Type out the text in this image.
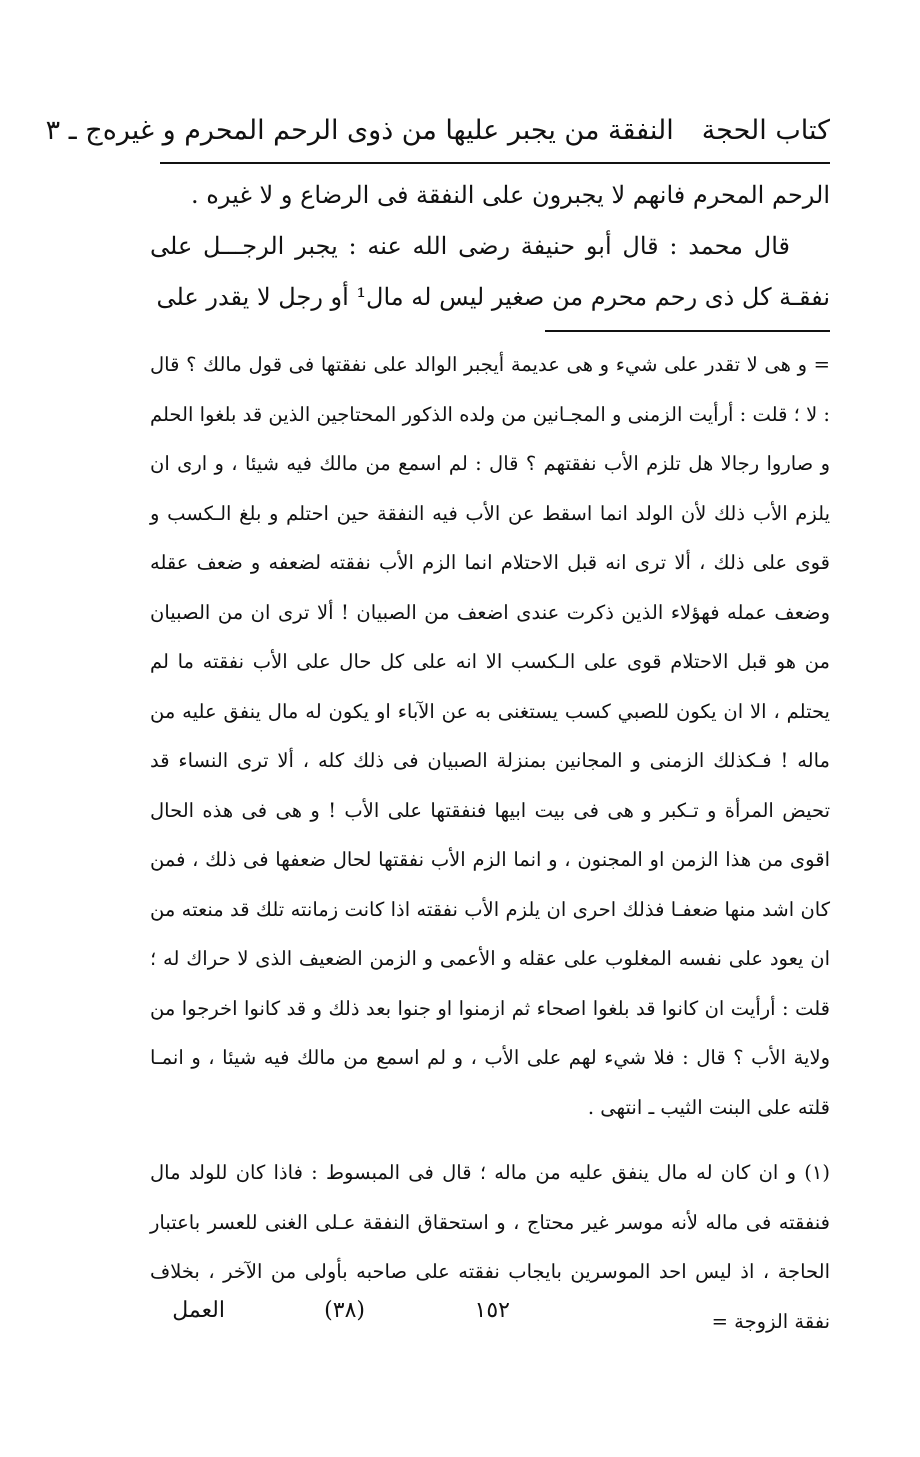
كتاب الحجة
النفقة من يجبر عليها من ذوى الرحم المحرم و غيره
ج ـ ٣

الرحم المحرم فانهم لا يجبرون على النفقة فى الرضاع و لا غيره .

قال محمد : قال أبو حنيفة رضى الله عنه : يجبر الرجـــل على نفقـة كل ذى رحم محرم من صغير ليس له مال¹ أو رجل لا يقدر على

= و هى لا تقدر على شيء و هى عديمة أيجبر الوالد على نفقتها فى قول مالك ؟ قال : لا ؛ قلت : أرأيت الزمنى و المجـانين من ولده الذكور المحتاجين الذين قد بلغوا الحلم و صاروا رجالا هل تلزم الأب نفقتهم ؟ قال : لم اسمع من مالك فيه شيئا ، و ارى ان يلزم الأب ذلك لأن الولد انما اسقط عن الأب فيه النفقة حين احتلم و بلغ الـكسب و قوى على ذلك ، ألا ترى انه قبل الاحتلام انما الزم الأب نفقته لضعفه و ضعف عقله وضعف عمله فهؤلاء الذين ذكرت عندى اضعف من الصبيان ! ألا ترى ان من الصبيان من هو قبل الاحتلام قوى على الـكسب الا انه على كل حال على الأب نفقته ما لم يحتلم ، الا ان يكون للصبي كسب يستغنى به عن الآباء او يكون له مال ينفق عليه من ماله ! فـكذلك الزمنى و المجانين بمنزلة الصبيان فى ذلك كله ، ألا ترى النساء قد تحيض المرأة و تـكبر و هى فى بيت ابيها فنفقتها على الأب ! و هى فى هذه الحال اقوى من هذا الزمن او المجنون ، و انما الزم الأب نفقتها لحال ضعفها فى ذلك ، فمن كان اشد منها ضعفـا فذلك احرى ان يلزم الأب نفقته اذا كانت زمانته تلك قد منعته من ان يعود على نفسه المغلوب على عقله و الأعمى و الزمن الضعيف الذى لا حراك له ؛ قلت : أرأيت ان كانوا قد بلغوا اصحاء ثم ازمنوا او جنوا بعد ذلك و قد كانوا اخرجوا من ولاية الأب ؟ قال : فلا شيء لهم على الأب ، و لم اسمع من مالك فيه شيئا ، و انمـا قلته على البنت الثيب ـ انتهى .

(١) و ان كان له مال ينفق عليه من ماله ؛ قال فى المبسوط : فاذا كان للولد مال فنفقته فى ماله لأنه موسر غير محتاج ، و استحقاق النفقة عـلى الغنى للعسر باعتبار الحاجة ، اذ ليس احد الموسرين بايجاب نفقته على صاحبه بأولى من الآخر ، بخلاف نفقة الزوجة =

١٥٢
(٣٨)
العمل
